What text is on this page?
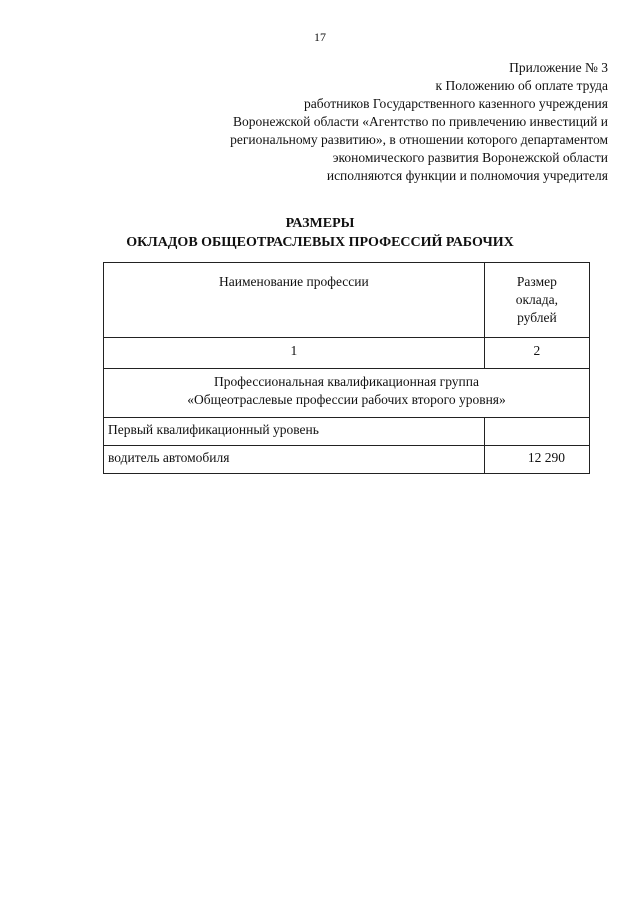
17
Приложение № 3
к Положению об оплате труда
работников Государственного казенного учреждения
Воронежской области «Агентство по привлечению инвестиций и
региональному развитию», в отношении которого департаментом
экономического развития Воронежской области
исполняются функции и полномочия учредителя
РАЗМЕРЫ
ОКЛАДОВ ОБЩЕОТРАСЛЕВЫХ ПРОФЕССИЙ РАБОЧИХ
Наименование профессии	Размер
оклада,
рублей

1	2

Профессиональная квалификационная группа
«Общеотраслевые профессии рабочих второго уровня»	

Первый квалификационный уровень	
водитель автомобиля	12 290
